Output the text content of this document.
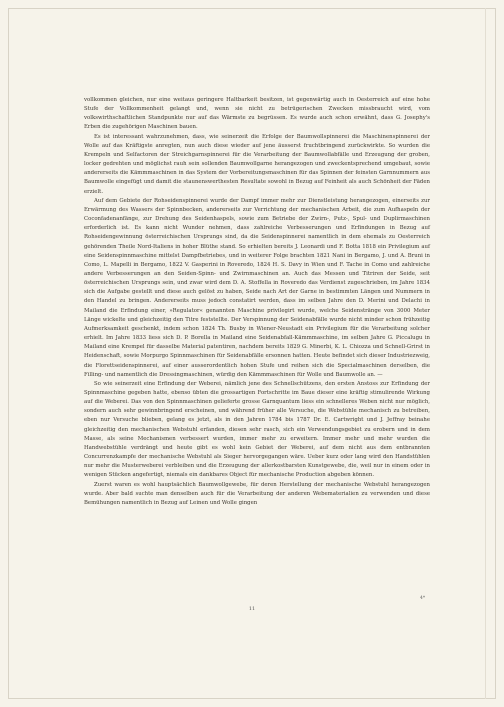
vollkommen gleichen, nur eine weitaus geringere Haltbarkeit besitzen, ist gegenwärtig auch in Oesterreich auf eine hohe Stufe der Vollkommenheit gelangt und, wenn sie nicht zu betrügerischen Zwecken missbraucht wird, vom volkswirthschaftlichen Standpunkte nur auf das Wärmste zu begrüssen. Es wurde auch schon erwähnt, dass G. Josephy's Erben die zugehörigen Maschinen bauen.

Es ist interessant wahrzunehmen, dass, wie seinerzeit die Erfolge der Baumwollspinnerei die Maschinenspinnerei der Wolle auf das Kräftigste anregten, nun auch diese wieder auf jene äusserst fruchtbringend zurückwirkte. So wurden die Krempeln und Selfactoren der Streichgarnspinnerei für die Verarbeitung der Baumwollabfälle und Erzeugung der groben, locker gedrehten und möglichst rauh sein sollenden Baumwollgarne herangezogen und zweckentsprechend umgebaut, sowie andererseits die Kämmmaschinen in das System der Vorbereitungsmaschinen für das Spinnen der feinsten Garnnummern aus Baumwolle eingefügt und damit die staunenswerthesten Resultate sowohl in Bezug auf Feinheit als auch Schönheit der Fäden erzielt.

Auf dem Gebiete der Rohseidenspinnerei wurde der Dampf immer mehr zur Dienstleistung herangezogen, einerseits zur Erwärmung des Wassers der Spinnbecken, andererseits zur Verrichtung der mechanischen Arbeit, die zum Aufhaspeln der Coconfadenanfänge, zur Drehung des Seidenhaspels, sowie zum Betriebe der Zwirn-, Putz-, Spul- und Duplirmaschinen erforderlich ist. Es kann nicht Wunder nehmen, dass zahlreiche Verbesserungen und Erfindungen in Bezug auf Rohseidengewinnung österreichischen Ursprungs sind, da die Seidenspinnerei namentlich in dem ehemals zu Oesterreich gehörenden Theile Nord-Italiens in hoher Blüthe stand. So erhielten bereits J. Leonardi und F. Botta 1818 ein Privilegium auf eine Seidenspinnmaschine mittelst Dampfbetriebes, und in weiterer Folge brachten 1821 Nani in Bergamo, J. und A. Bruni in Como, L. Mapelli in Bergamo, 1822 V. Gasperini in Roveredo, 1824 H. S. Davy in Wien und F. Tache in Como und zahlreiche andere Verbesserungen an den Seiden-Spinn- und Zwirnmaschinen an. Auch das Messen und Titriren der Seide, seit österreichischen Ursprungs sein, und zwar wird dem D. A. Stoffella in Roveredo das Verdienst zugeschrieben, im Jahre 1834 sich die Aufgabe gestellt und diese auch gelöst zu haben, Seide nach Art der Garne in bestimmten Längen und Nummern in den Handel zu bringen. Andererseits muss jedoch constatirt werden, dass im selben Jahre den D. Merini und Delachi in Mailand die Erfindung einer, »Regulator« genannten Maschine privilegirt wurde, welche Seidenstränge von 3000 Meter Länge wickelte und gleichzeitig den Titre feststellte. Der Verspinnung der Seidenabfälle wurde nicht minder schon frühzeitig Aufmerksamkeit geschenkt, indem schon 1824 Th. Busby in Wiener-Neustadt ein Privilegium für die Verarbeitung solcher erhielt. Im Jahre 1833 liess sich D. P. Borella in Mailand eine Seidenabfall-Kämmmaschine, im selben Jahre G. Piccalugu in Mailand eine Krempel für dasselbe Material patentiren, nachdem bereits 1829 G. Minerbi, K. L. Chiozza und Schnell-Grirst in Heidenschaft, sowie Morpurgo Spinnmaschinen für Seidenabfälle ersonnen hatten. Heute befindet sich dieser Industriezweig, die Florettseidenspinnerei, auf einer ausserordentlich hohen Stufe und reihen sich die Specialmaschinen derselben, die Filling- und namentlich die Dressingmaschinen, würdig den Kämmmaschinen für Wolle und Baumwolle an. —

So wie seinerzeit eine Erfindung der Weberei, nämlich jene des Schnellschützens, den ersten Anstoss zur Erfindung der Spinnmaschine gegeben hatte, ebenso übten die grossartigen Fortschritte im Baue dieser eine kräftig stimulirende Wirkung auf die Weberei. Das von den Spinnmaschinen gelieferte grosse Garnquantum liess ein schnelleres Weben nicht nur möglich, sondern auch sehr gewinnbringend erscheinen, und während früher alle Versuche, die Webstühle mechanisch zu betreiben, eben nur Versuche blieben, gelang es jetzt, als in den Jahren 1784 bis 1787 Dr. E. Cartwright und J. Jeffray beinahe gleichzeitig den mechanischen Webstuhl erfanden, diesen sehr rasch, sich ein Verwendungsgebiet zu erobern und in dem Masse, als seine Mechanismen verbessert wurden, immer mehr zu erweitern. Immer mehr und mehr wurden die Handwebstühle verdrängt und heute gibt es wohl kein Gebiet der Weberei, auf dem nicht aus dem entbrannten Concurrenzkampfe der mechanische Webstuhl als Sieger hervorgegangen wäre. Ueber kurz oder lang wird den Handstühlen nur mehr die Musterweberei verbleiben und die Erzeugung der allerkostbarsten Kunstgewebe, die, weil nur in einem oder in wenigen Stücken angefertigt, niemals ein dankbares Object für mechanische Production abgeben können.

Zuerst waren es wohl hauptsächlich Baumwollgewebe, für deren Herstellung der mechanische Webstuhl herangezogen wurde. Aber bald suchte man denselben auch für die Verarbeitung der anderen Webematerialien zu verwenden und diese Bemühungen namentlich in Bezug auf Leinen und Wolle gingen

4*
11
